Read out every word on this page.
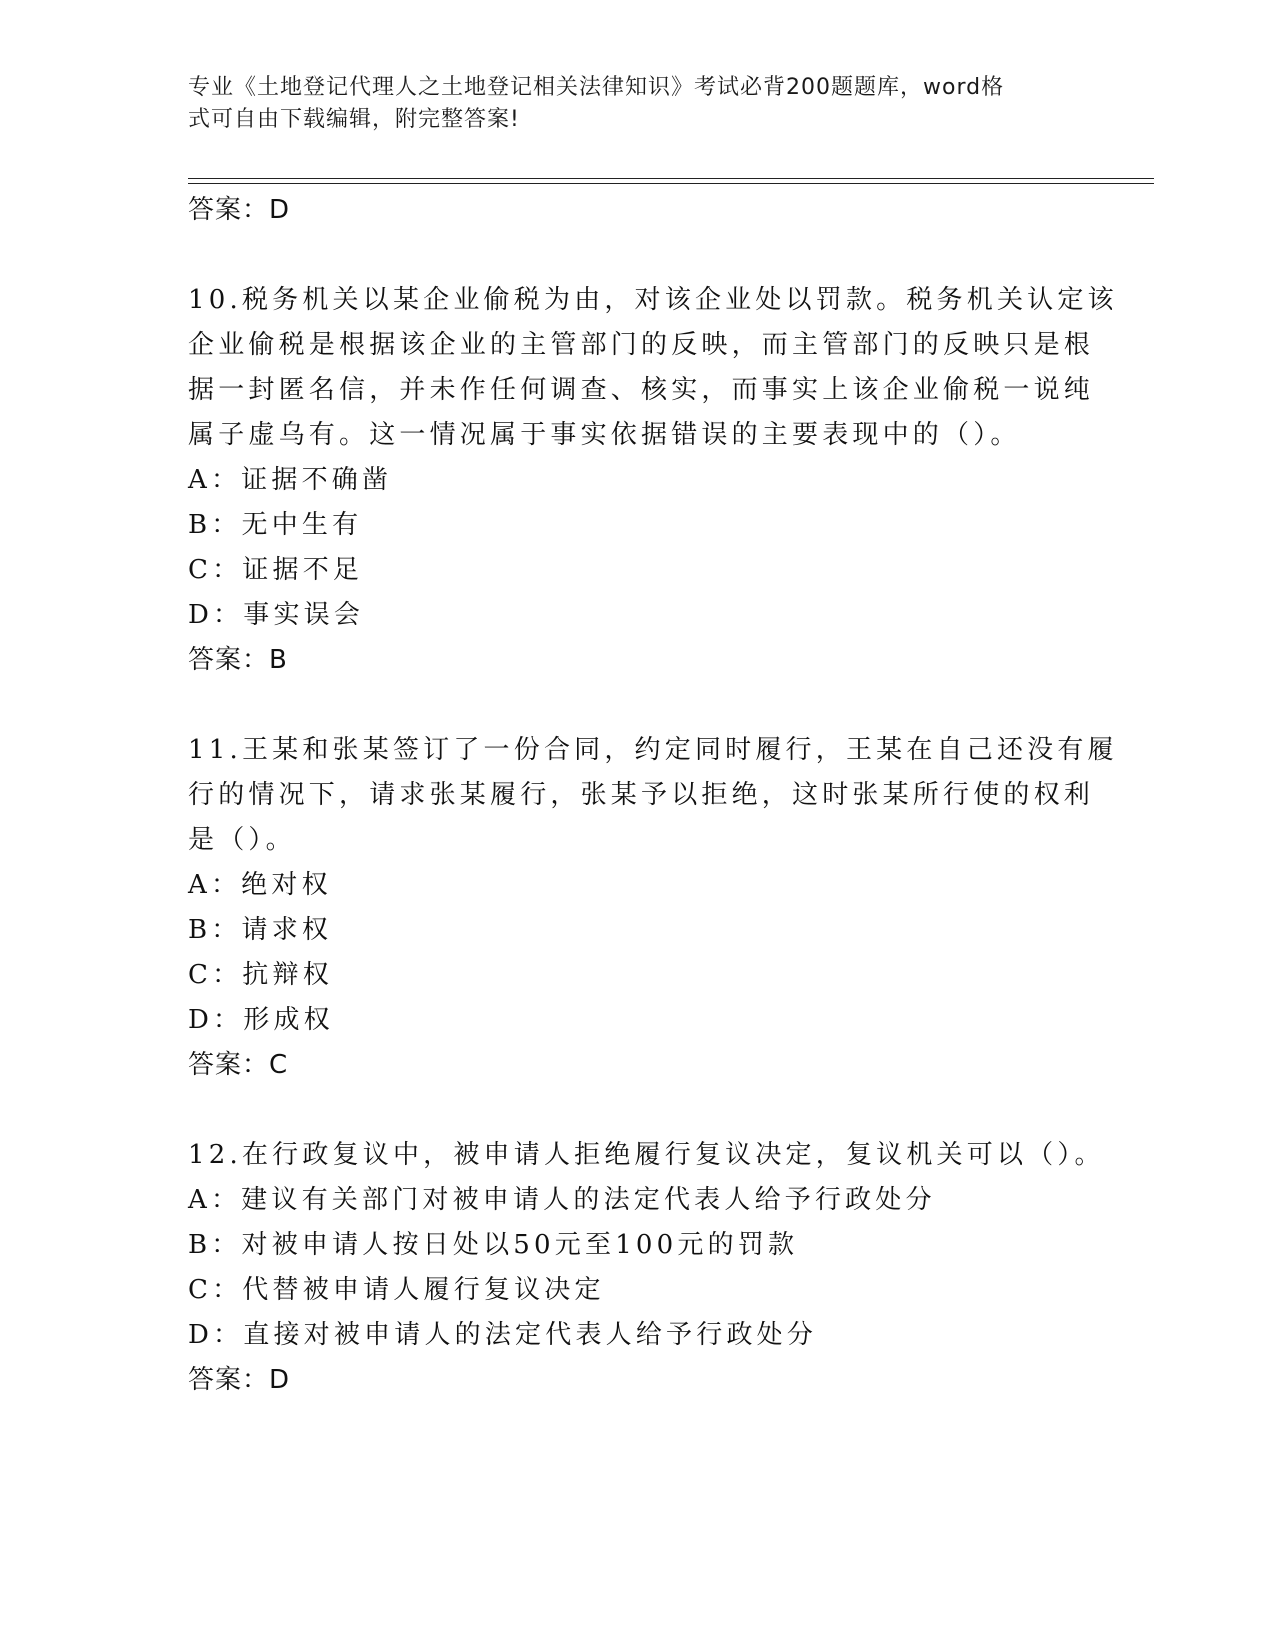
专业《土地登记代理人之土地登记相关法律知识》考试必背200题题库，word格
式可自由下载编辑，附完整答案!
答案：D
10.税务机关以某企业偷税为由，对该企业处以罚款。税务机关认定该
企业偷税是根据该企业的主管部门的反映，而主管部门的反映只是根
据一封匿名信，并未作任何调查、核实，而事实上该企业偷税一说纯
属子虚乌有。这一情况属于事实依据错误的主要表现中的（）。
A：证据不确凿
B：无中生有
C：证据不足
D：事实误会
答案：B
11.王某和张某签订了一份合同，约定同时履行，王某在自己还没有履
行的情况下，请求张某履行，张某予以拒绝，这时张某所行使的权利
是（）。
A：绝对权
B：请求权
C：抗辩权
D：形成权
答案：C
12.在行政复议中，被申请人拒绝履行复议决定，复议机关可以（）。
A：建议有关部门对被申请人的法定代表人给予行政处分
B：对被申请人按日处以50元至100元的罚款
C：代替被申请人履行复议决定
D：直接对被申请人的法定代表人给予行政处分
答案：D
